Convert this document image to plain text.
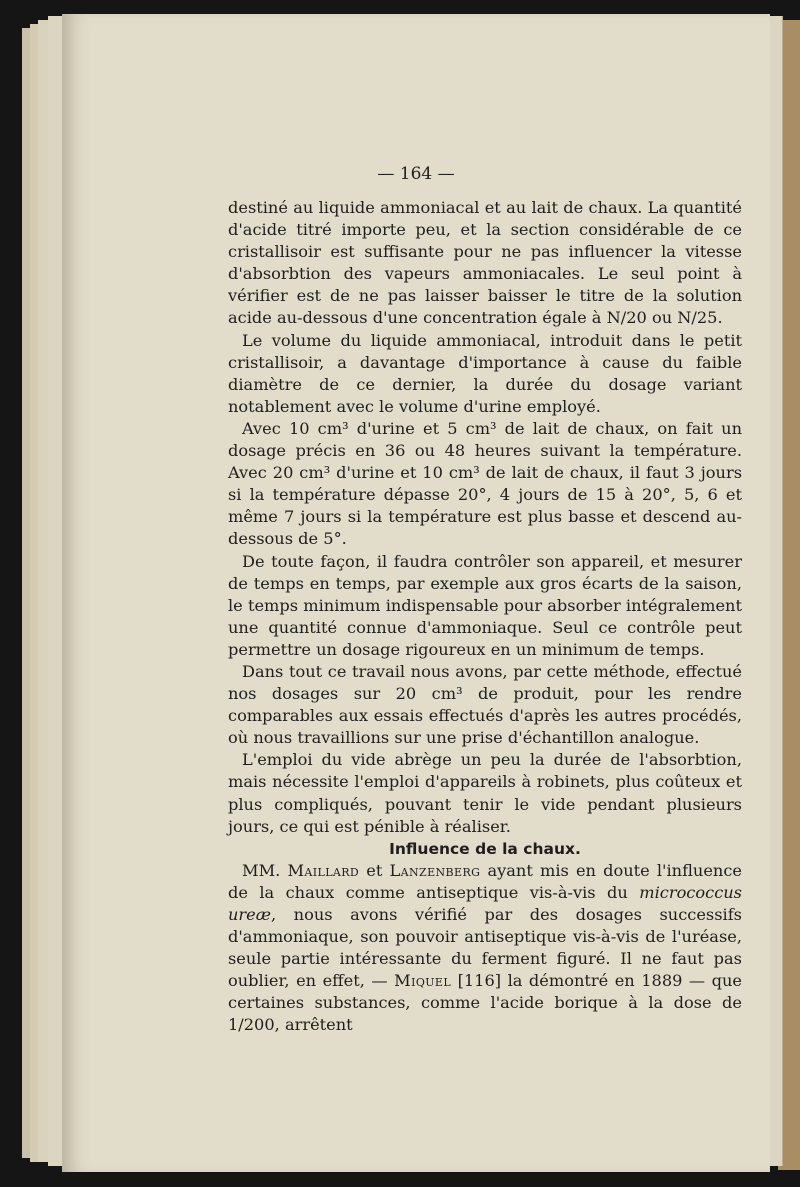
— 164 —

destiné au liquide ammoniacal et au lait de chaux. La quantité d'acide titré importe peu, et la section considérable de ce cristallisoir est suffisante pour ne pas influencer la vitesse d'absorbtion des vapeurs ammoniacales. Le seul point à vérifier est de ne pas laisser baisser le titre de la solution acide au-dessous d'une concentration égale à N/20 ou N/25.

Le volume du liquide ammoniacal, introduit dans le petit cristallisoir, a davantage d'importance à cause du faible diamètre de ce dernier, la durée du dosage variant notablement avec le volume d'urine employé.

Avec 10 cm³ d'urine et 5 cm³ de lait de chaux, on fait un dosage précis en 36 ou 48 heures suivant la température. Avec 20 cm³ d'urine et 10 cm³ de lait de chaux, il faut 3 jours si la température dépasse 20°, 4 jours de 15 à 20°, 5, 6 et même 7 jours si la température est plus basse et descend au-dessous de 5°.

De toute façon, il faudra contrôler son appareil, et mesurer de temps en temps, par exemple aux gros écarts de la saison, le temps minimum indispensable pour absorber intégralement une quantité connue d'ammoniaque. Seul ce contrôle peut permettre un dosage rigoureux en un minimum de temps.

Dans tout ce travail nous avons, par cette méthode, effectué nos dosages sur 20 cm³ de produit, pour les rendre comparables aux essais effectués d'après les autres procédés, où nous travaillions sur une prise d'échantillon analogue.

L'emploi du vide abrège un peu la durée de l'absorbtion, mais nécessite l'emploi d'appareils à robinets, plus coûteux et plus compliqués, pouvant tenir le vide pendant plusieurs jours, ce qui est pénible à réaliser.

Influence de la chaux.

MM. Maillard et Lanzenberg ayant mis en doute l'influence de la chaux comme antiseptique vis-à-vis du micrococcus ureæ, nous avons vérifié par des dosages successifs d'ammoniaque, son pouvoir antiseptique vis-à-vis de l'uréase, seule partie intéressante du ferment figuré. Il ne faut pas oublier, en effet, — Miquel [116] la démontré en 1889 — que certaines substances, comme l'acide borique à la dose de 1/200, arrêtent
